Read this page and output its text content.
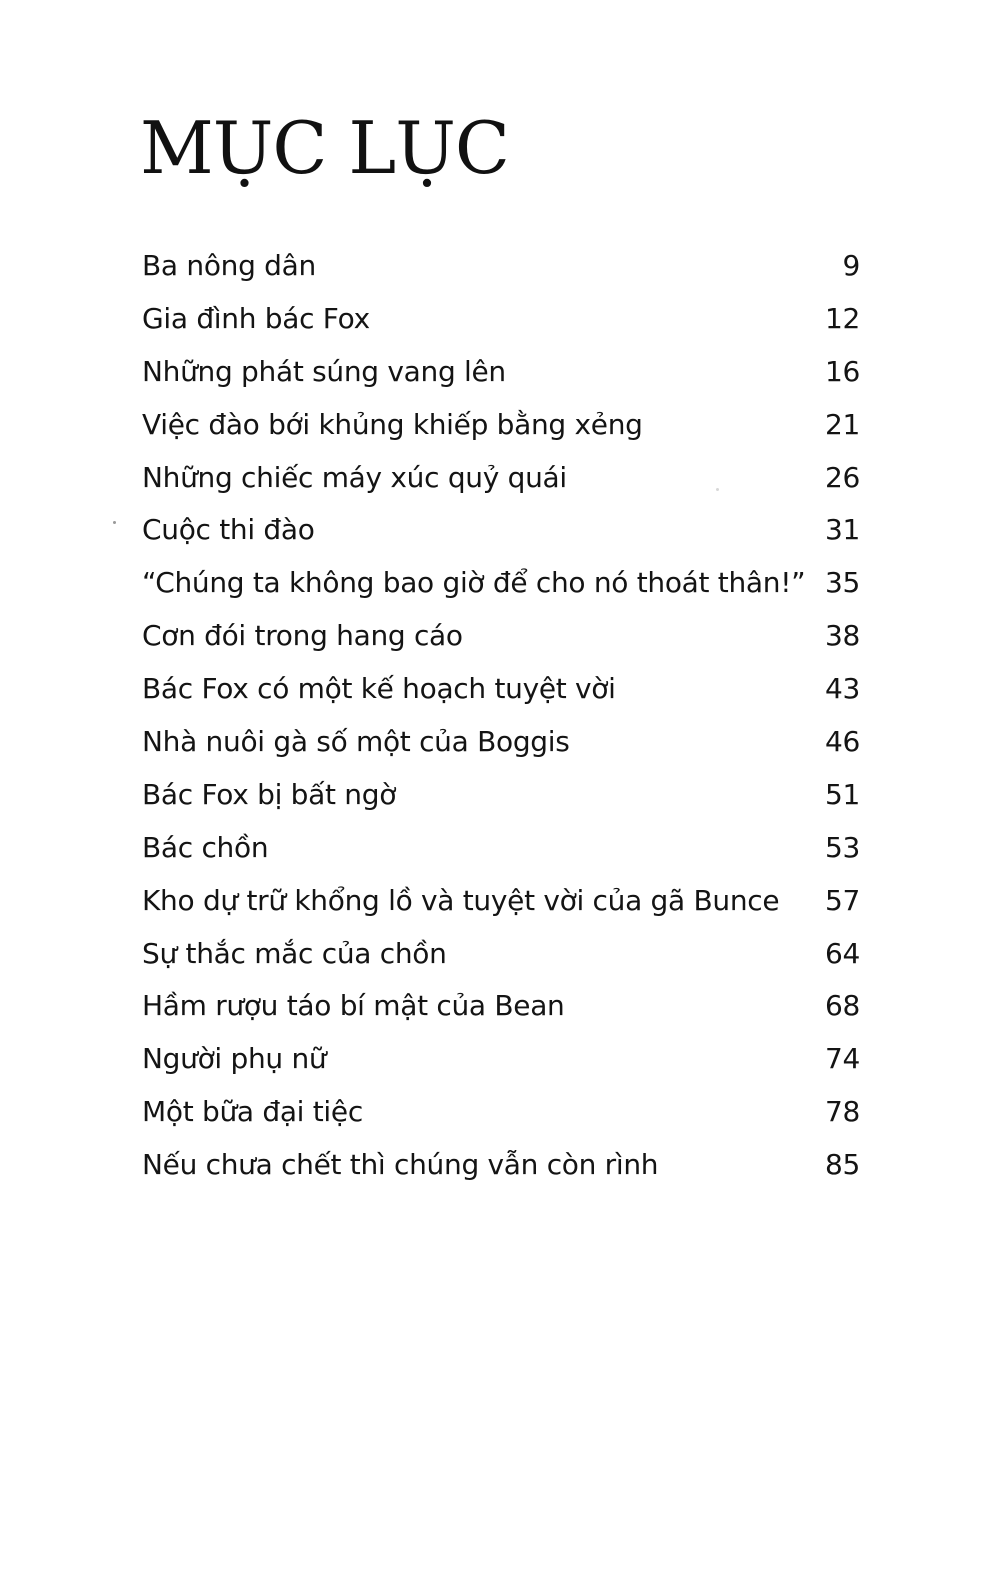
MỤC LỤC
Ba nông dân	9
Gia đình bác Fox	12
Những phát súng vang lên	16
Việc đào bới khủng khiếp bằng xẻng	21
Những chiếc máy xúc quỷ quái	26
Cuộc thi đào	31
“Chúng ta không bao giờ để cho nó thoát thân!” 35
Cơn đói trong hang cáo	38
Bác Fox có một kế hoạch tuyệt vời	43
Nhà nuôi gà số một của Boggis	46
Bác Fox bị bất ngờ	51
Bác chồn	53
Kho dự trữ khổng lồ và tuyệt vời của gã Bunce	57
Sự thắc mắc của chồn	64
Hầm rượu táo bí mật của Bean	68
Người phụ nữ	74
Một bữa đại tiệc	78
Nếu chưa chết thì chúng vẫn còn rình	85
